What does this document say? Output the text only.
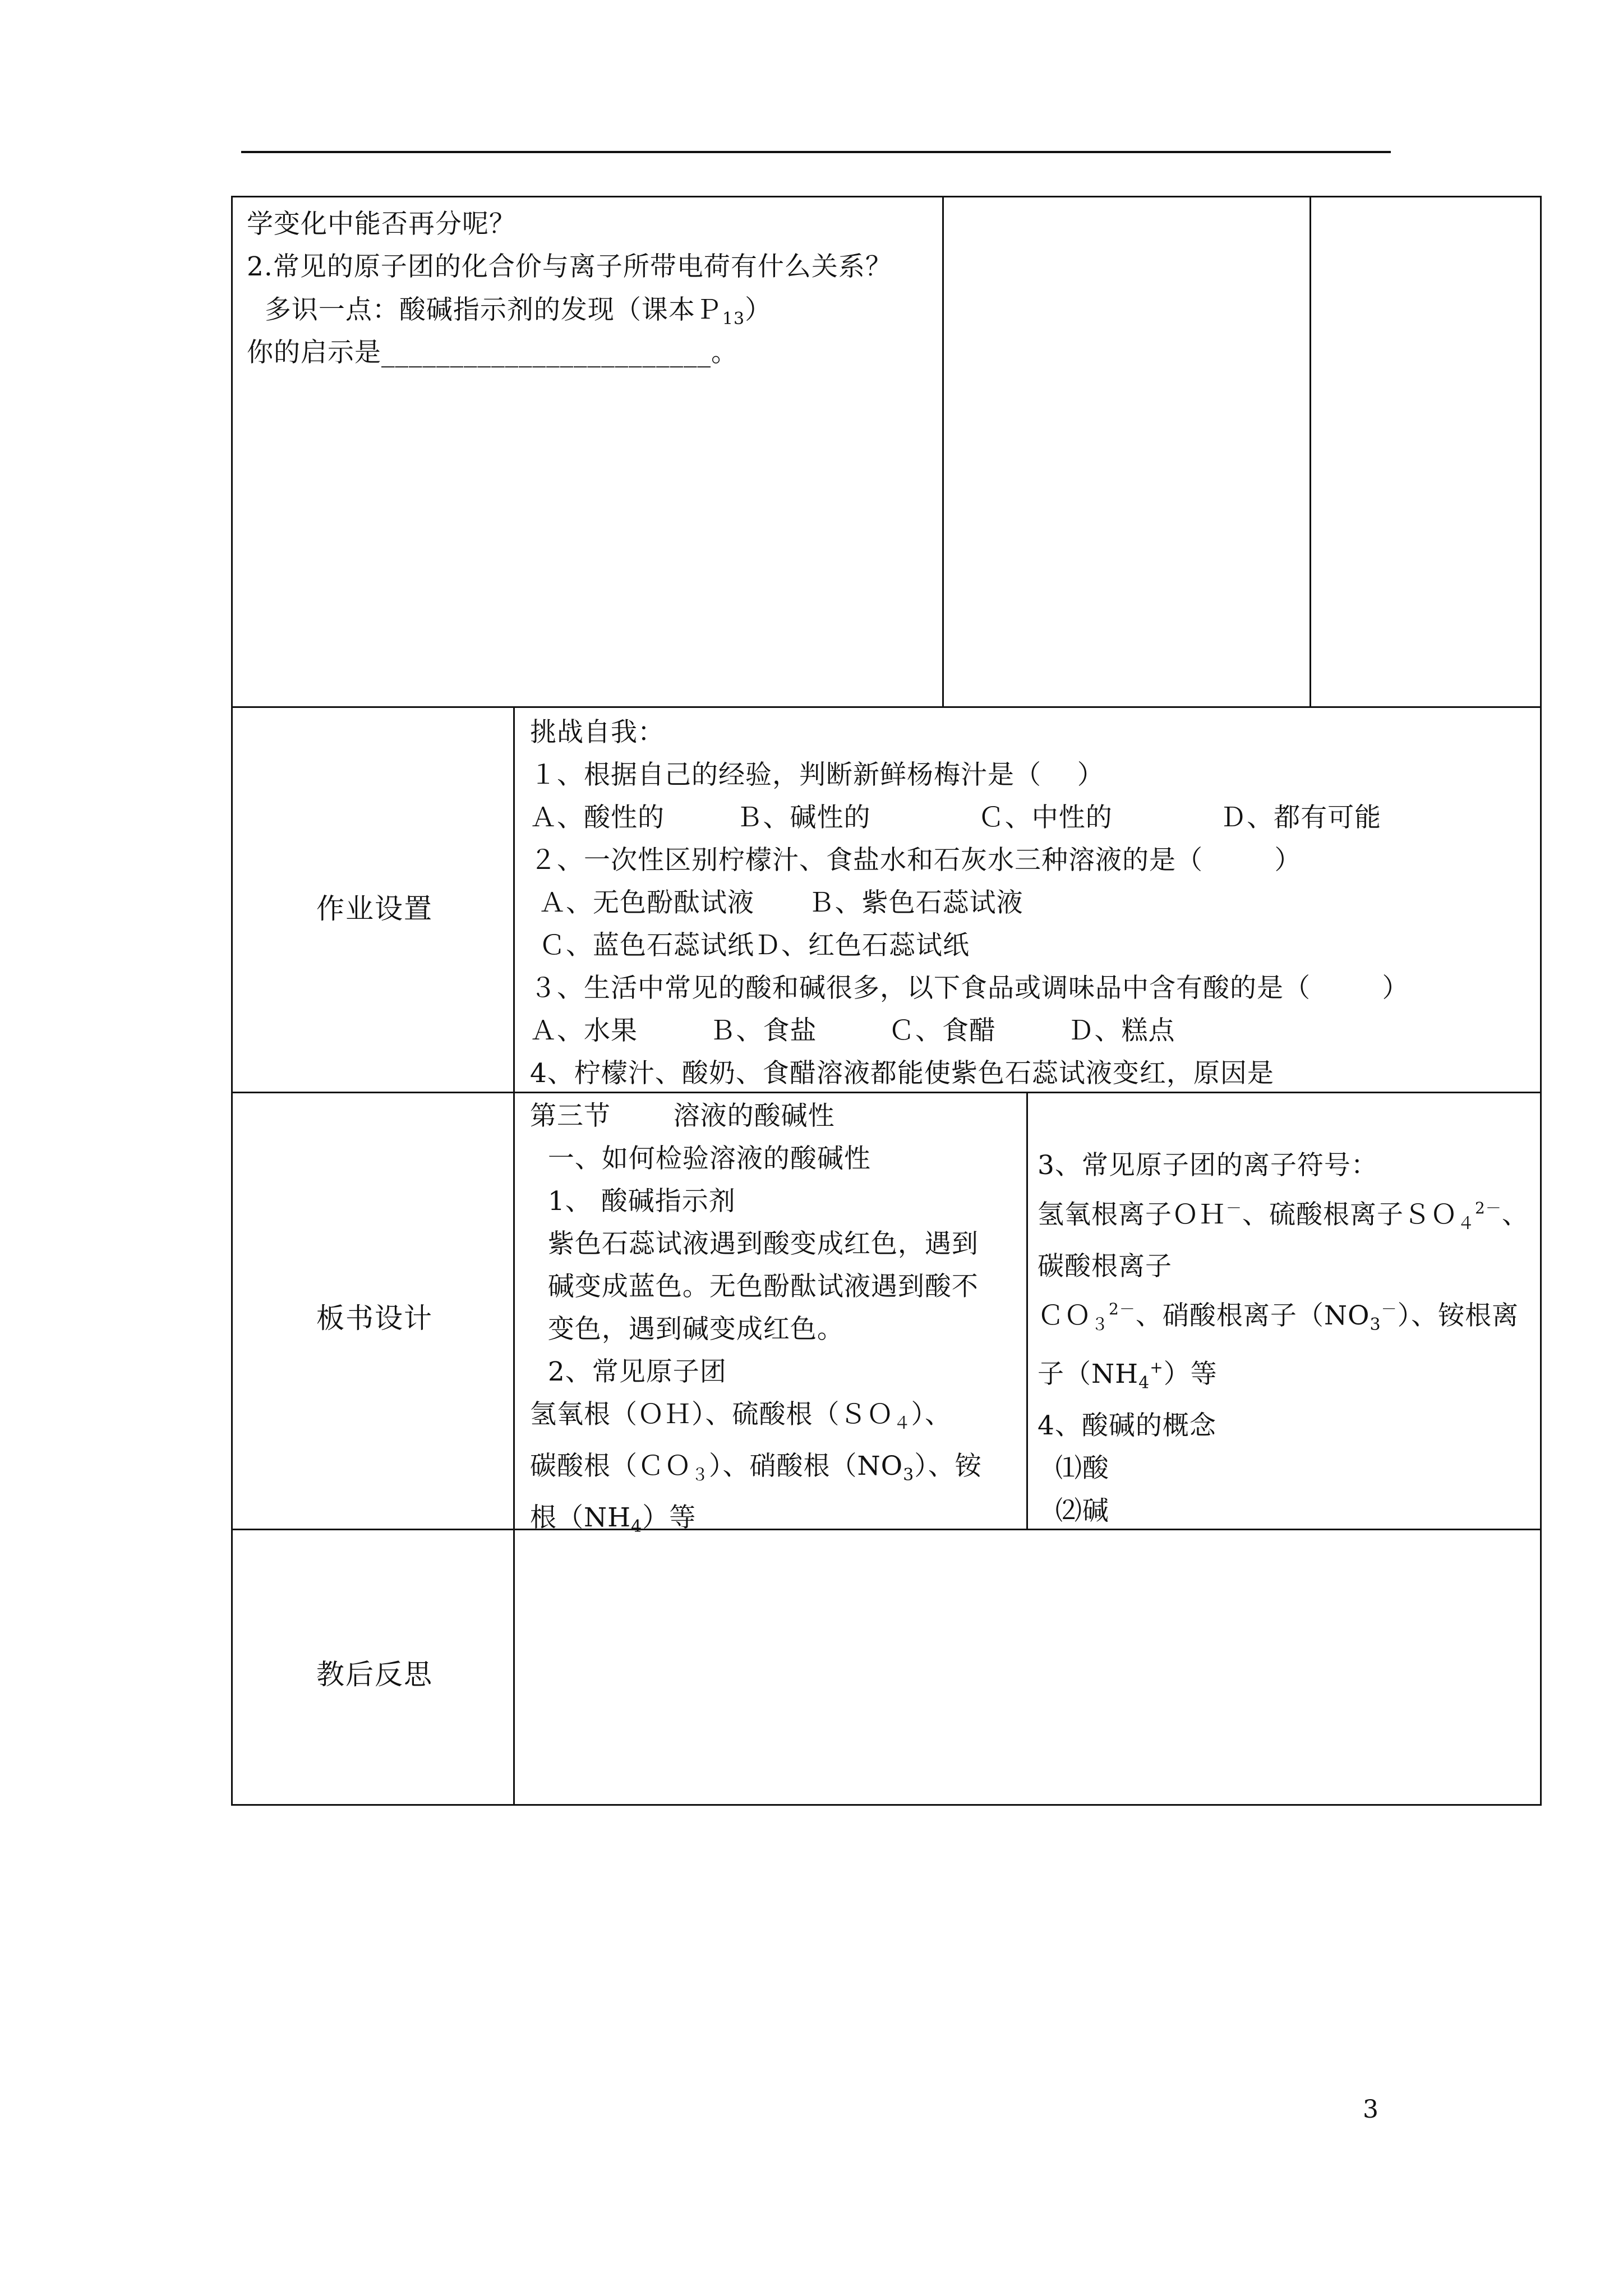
学变化中能否再分呢？
2.常见的原子团的化合价与离子所带电荷有什么关系？
多识一点：酸碱指示剂的发现（课本Ｐ$_{13}$）
你的启示是________________________。
作业设置
挑战自我：
１、根据自己的经验，判断新鲜杨梅汁是（    ）
Ａ、酸性的        Ｂ、碱性的            Ｃ、中性的            Ｄ、都有可能
２、一次性区别柠檬汁、食盐水和石灰水三种溶液的是（        ）
Ａ、无色酚酞试液      Ｂ、紫色石蕊试液
Ｃ、蓝色石蕊试纸Ｄ、红色石蕊试纸
３、生活中常见的酸和碱很多，以下食品或调味品中含有酸的是（        ）
Ａ、水果        Ｂ、食盐        Ｃ、食醋        Ｄ、糕点
4、柠檬汁、酸奶、食醋溶液都能使紫色石蕊试液变红，原因是
板书设计
第三节       溶液的酸碱性
一、如何检验溶液的酸碱性
1、 酸碱指示剂
紫色石蕊试液遇到酸变成红色，遇到
碱变成蓝色。无色酚酞试液遇到酸不
变色，遇到碱变成红色。
2、常见原子团
氢氧根（ＯＨ）、硫酸根（ＳＯ$_4$）、
碳酸根（ＣＯ$_3$）、硝酸根$(NO_3)$、铵
根$(NH_4)$等
3、常见原子团的离子符号：
氢氧根离子ＯＨ－、硫酸根离子ＳＯ$_4^{2-}$、
碳酸根离子
ＣＯ$_3^{2-}$、硝酸根离子$(NO_3^-)$、铵根离
子$(NH_4^+)$等
4、酸碱的概念
⑴酸
⑵碱
教后反思
3
